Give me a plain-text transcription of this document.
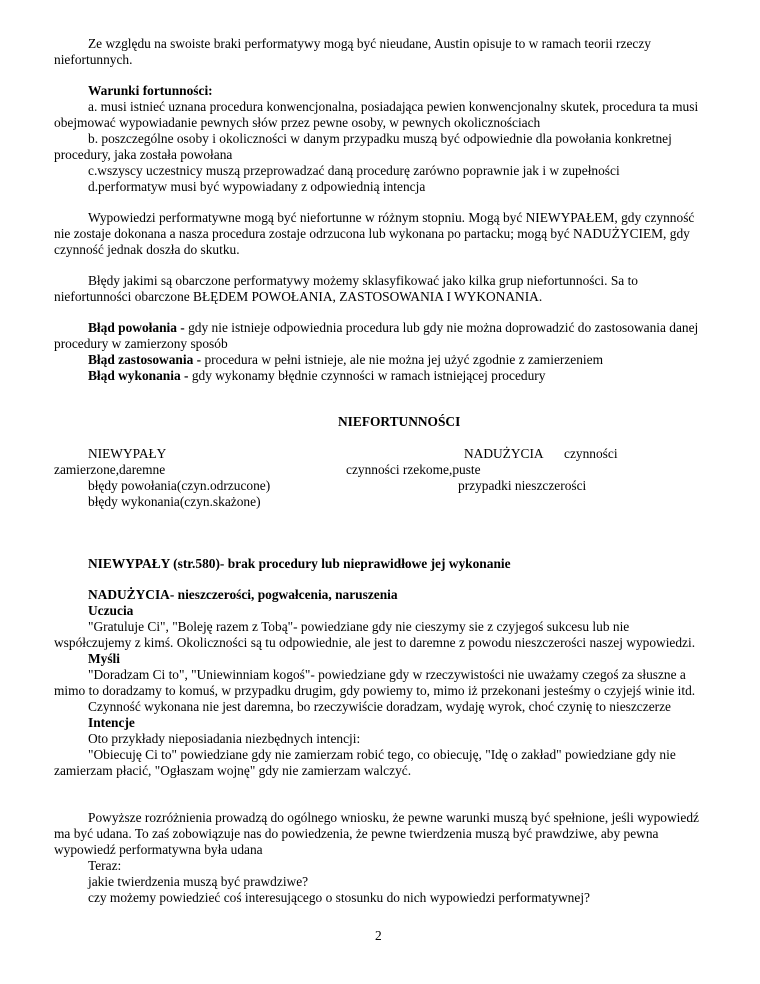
Ze względu na swoiste braki performatywy mogą być nieudane, Austin opisuje to w ramach teorii rzeczy
niefortunnych.
Warunki fortunności:
a. musi istnieć uznana procedura konwencjonalna, posiadająca pewien konwencjonalny skutek, procedura ta musi
obejmować wypowiadanie pewnych słów przez pewne osoby, w pewnych okolicznościach
b. poszczególne osoby i okoliczności w danym przypadku muszą być odpowiednie dla powołania konkretnej
procedury, jaka została powołana
c.wszyscy uczestnicy muszą przeprowadzać daną procedurę zarówno poprawnie jak i w zupełności
d.performatyw musi być wypowiadany z odpowiednią intencja
Wypowiedzi performatywne mogą być niefortunne w różnym stopniu. Mogą być NIEWYPAŁEM, gdy czynność
nie zostaje dokonana a nasza procedura zostaje odrzucona lub wykonana po partacku; mogą być NADUŻYCIEM, gdy
czynność jednak doszła do skutku.
Błędy jakimi są obarczone performatywy możemy sklasyfikować jako kilka grup niefortunności. Sa to
niefortunności obarczone BŁĘDEM POWOŁANIA, ZASTOSOWANIA I WYKONANIA.
Błąd powołania - gdy nie istnieje odpowiednia procedura lub gdy nie można doprowadzić do zastosowania danej
procedury w zamierzony sposób
Błąd zastosowania - procedura w pełni istnieje, ale nie można jej użyć zgodnie z zamierzeniem
Błąd wykonania - gdy wykonamy błędnie czynności w ramach istniejącej procedury
NIEFORTUNNOŚCI
NIEWYPAŁY	NADUŻYCIA czynności
zamierzone,daremne	czynności rzekome,puste
błędy powołania(czyn.odrzucone)	przypadki nieszczerości
błędy wykonania(czyn.skażone)
NIEWYPAŁY (str.580)- brak procedury lub nieprawidłowe jej wykonanie
NADUŻYCIA- nieszczerości, pogwałcenia, naruszenia
Uczucia
"Gratuluje Ci", "Boleję razem z Tobą"- powiedziane gdy nie cieszymy sie z czyjegoś sukcesu lub nie
współczujemy z kimś. Okoliczności są tu odpowiednie, ale jest to daremne z powodu nieszczerości naszej wypowiedzi.
Myśli
"Doradzam Ci to", "Uniewinniam kogoś"- powiedziane gdy w rzeczywistości nie uważamy czegoś za słuszne a
mimo to doradzamy to komuś, w przypadku drugim, gdy powiemy to, mimo iż przekonani jesteśmy o czyjejś winie itd.
Czynność wykonana nie jest daremna, bo rzeczywiście doradzam, wydaję wyrok, choć czynię to nieszczerze
Intencje
Oto przykłady nieposiadania niezbędnych intencji:
"Obiecuję Ci to" powiedziane gdy nie zamierzam robić tego, co obiecuję, "Idę o zakład" powiedziane gdy nie
zamierzam płacić, "Ogłaszam wojnę" gdy nie zamierzam walczyć.
Powyższe rozróżnienia prowadzą do ogólnego wniosku, że pewne warunki muszą być spełnione, jeśli wypowiedź
ma być udana. To zaś zobowiązuje nas do powiedzenia, że pewne twierdzenia muszą być prawdziwe, aby pewna
wypowiedź performatywna była udana
Teraz:
jakie twierdzenia muszą być prawdziwe?
czy możemy powiedzieć coś interesującego o stosunku do nich wypowiedzi performatywnej?
2
